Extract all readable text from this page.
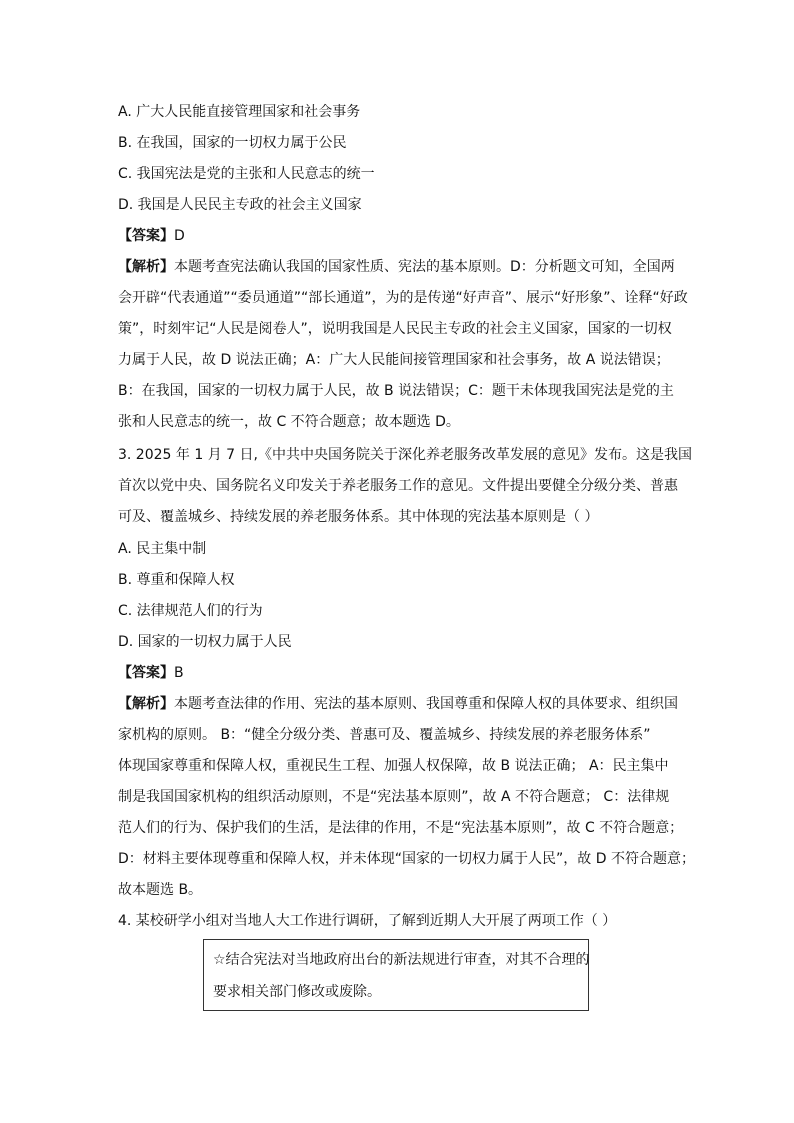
A. 广大人民能直接管理国家和社会事务
B. 在我国，国家的一切权力属于公民
C. 我国宪法是党的主张和人民意志的统一
D. 我国是人民民主专政的社会主义国家
【答案】D
【解析】本题考查宪法确认我国的国家性质、宪法的基本原则。D：分析题文可知，全国两
会开辟“代表通道”“委员通道”“部长通道”，为的是传递“好声音”、展示“好形象”、诠释“好政
策”，时刻牢记“人民是阅卷人”，说明我国是人民民主专政的社会主义国家，国家的一切权
力属于人民，故 D 说法正确；A：广大人民能间接管理国家和社会事务，故 A 说法错误；
B：在我国，国家的一切权力属于人民，故 B 说法错误；C：题干未体现我国宪法是党的主
张和人民意志的统一，故 C 不符合题意；故本题选 D。
3. 2025 年 1 月 7 日,《中共中央国务院关于深化养老服务改革发展的意见》发布。这是我国
首次以党中央、国务院名义印发关于养老服务工作的意见。文件提出要健全分级分类、普惠
可及、覆盖城乡、持续发展的养老服务体系。其中体现的宪法基本原则是（ ）
A. 民主集中制
B. 尊重和保障人权
C. 法律规范人们的行为
D. 国家的一切权力属于人民
【答案】B
【解析】本题考查法律的作用、宪法的基本原则、我国尊重和保障人权的具体要求、组织国
家机构的原则。 B：“健全分级分类、普惠可及、覆盖城乡、持续发展的养老服务体系”
体现国家尊重和保障人权，重视民生工程、加强人权保障，故 B 说法正确； A：民主集中
制是我国国家机构的组织活动原则，不是“宪法基本原则”，故 A 不符合题意； C：法律规
范人们的行为、保护我们的生活，是法律的作用，不是“宪法基本原则”，故 C 不符合题意；
D：材料主要体现尊重和保障人权，并未体现“国家的一切权力属于人民”，故 D 不符合题意；
故本题选 B。
4. 某校研学小组对当地人大工作进行调研，了解到近期人大开展了两项工作（ ）
☆结合宪法对当地政府出台的新法规进行审查，对其不合理的
要求相关部门修改或废除。
